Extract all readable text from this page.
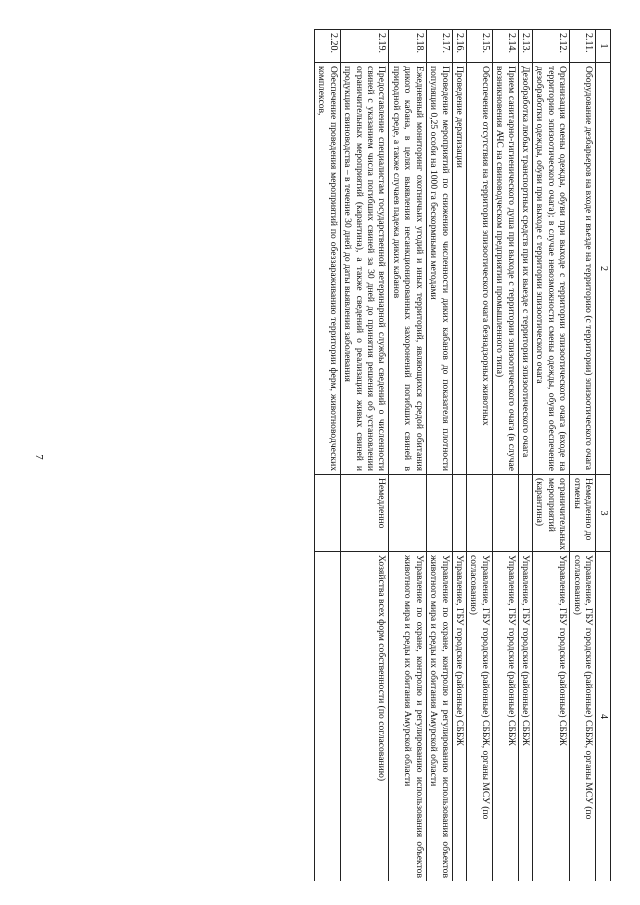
7
1	2	3	4
2.11.	Оборудование дезбарьеров на входе и въезде на территорию (с территории) эпизоотического очага	Немедленно до отмены	Управление, ГБУ городские (районные) СББЖ, органы МСУ (по согласованию)
2.12.	Организация смены одежды, обуви при выходе с территории эпизоотического очага (входе на территорию эпизоотического очага); в случае невозможности смены одежды, обуви обеспечение дезобработки одежды, обуви при выходе с территории эпизоотического очага	ограничительных мероприятий (карантина)	Управление, ГБУ городские (районные) СББЖ
2.13.	Дезобработка любых транспортных средств при их выезде с территории эпизоотического очага		Управление, ГБУ городские (районные) СББЖ
2.14.	Прием санитарно-гигиенического душа при выходе с территории эпизоотического очага (в случае возникновения АЧС на свиноводческом предприятии промышленного типа)		Управление, ГБУ городские (районные) СББЖ
2.15.	Обеспечение отсутствия на территории эпизоотического очага безнадзорных животных		Управление, ГБУ городские (районные) СББЖ, органы МСУ (по согласованию)
2.16.	Проведение дератизации		Управление, ГБУ городские (районные) СББЖ
2.17.	Проведение мероприятий по снижению численности диких кабанов до показателя плотности популяции 0,25 особи на 1000 га бескормными методами		Управление по охране, контролю и регулированию использования объектов животного мира и среды их обитания Амурской области
2.18.	Ежедневный мониторинг охотничьих угодий и иных территорий, являющихся средой обитания дикого кабана, в целях выявления несанкционированных захоронений погибших свиней в природной среде, а также случаев падежа диких кабанов		Управление по охране, контролю и регулированию использования объектов животного мира и среды их обитания Амурской области
2.19.	Предоставление специалистам государственной ветеринарной службы сведений о численности свиней с указанием числа погибших свиней за 30 дней до принятия решения об установлении ограничительных мероприятий (карантина), а также сведений о реализации живых свиней и продукции свиноводства – в течение 30 дней до даты выявления заболевания	Немедленно	Хозяйства всех форм собственности (по согласованию)
2.20.	Обеспечение проведения мероприятий по обеззараживанию территории ферм, животноводческих комплексов,		
